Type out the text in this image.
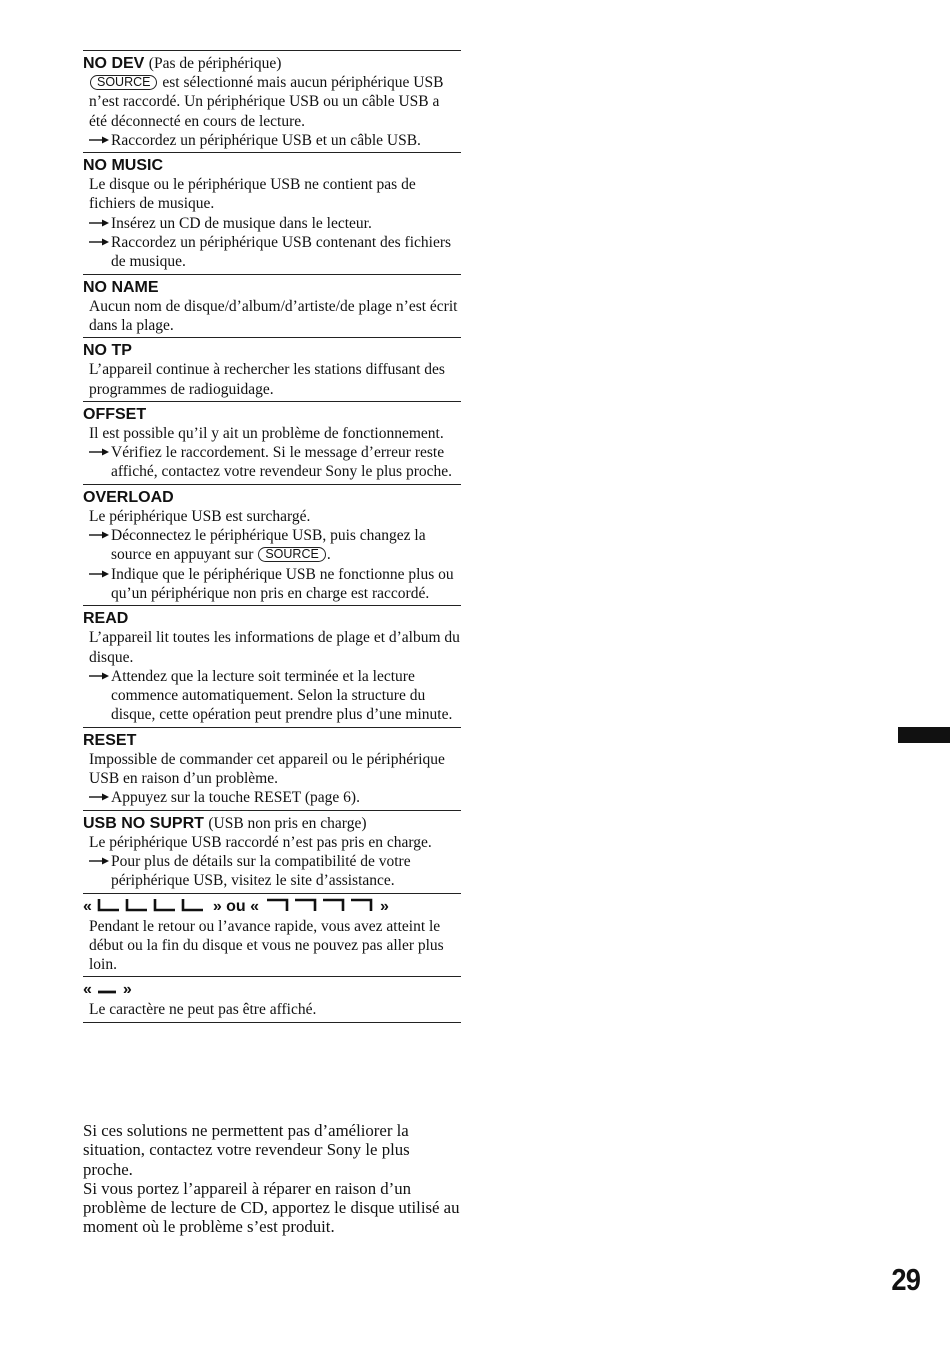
NO DEV (Pas de périphérique)
SOURCE est sélectionné mais aucun périphérique USB n’est raccordé. Un périphérique USB ou un câble USB a été déconnecté en cours de lecture.
Raccordez un périphérique USB et un câble USB.
NO MUSIC
Le disque ou le périphérique USB ne contient pas de fichiers de musique.
Insérez un CD de musique dans le lecteur.
Raccordez un périphérique USB contenant des fichiers de musique.
NO NAME
Aucun nom de disque/d’album/d’artiste/de plage n’est écrit dans la plage.
NO TP
L’appareil continue à rechercher les stations diffusant des programmes de radioguidage.
OFFSET
Il est possible qu’il y ait un problème de fonctionnement.
Vérifiez le raccordement. Si le message d’erreur reste affiché, contactez votre revendeur Sony le plus proche.
OVERLOAD
Le périphérique USB est surchargé.
Déconnectez le périphérique USB, puis changez la source en appuyant sur SOURCE .
Indique que le périphérique USB ne fonctionne plus ou qu’un périphérique non pris en charge est raccordé.
READ
L’appareil lit toutes les informations de plage et d’album du disque.
Attendez que la lecture soit terminée et la lecture commence automatiquement. Selon la structure du disque, cette opération peut prendre plus d’une minute.
RESET
Impossible de commander cet appareil ou le périphérique USB en raison d’un problème.
Appuyez sur la touche RESET (page 6).
USB NO SUPRT (USB non pris en charge)
Le périphérique USB raccordé n’est pas pris en charge.
Pour plus de détails sur la compatibilité de votre périphérique USB, visitez le site d’assistance.
«	» ou «	»
Pendant le retour ou l’avance rapide, vous avez atteint le début ou la fin du disque et vous ne pouvez pas aller plus loin.
« »
Le caractère ne peut pas être affiché.
Si ces solutions ne permettent pas d’améliorer la situation, contactez votre revendeur Sony le plus proche.
Si vous portez l’appareil à réparer en raison d’un problème de lecture de CD, apportez le disque utilisé au moment où le problème s’est produit.
29
